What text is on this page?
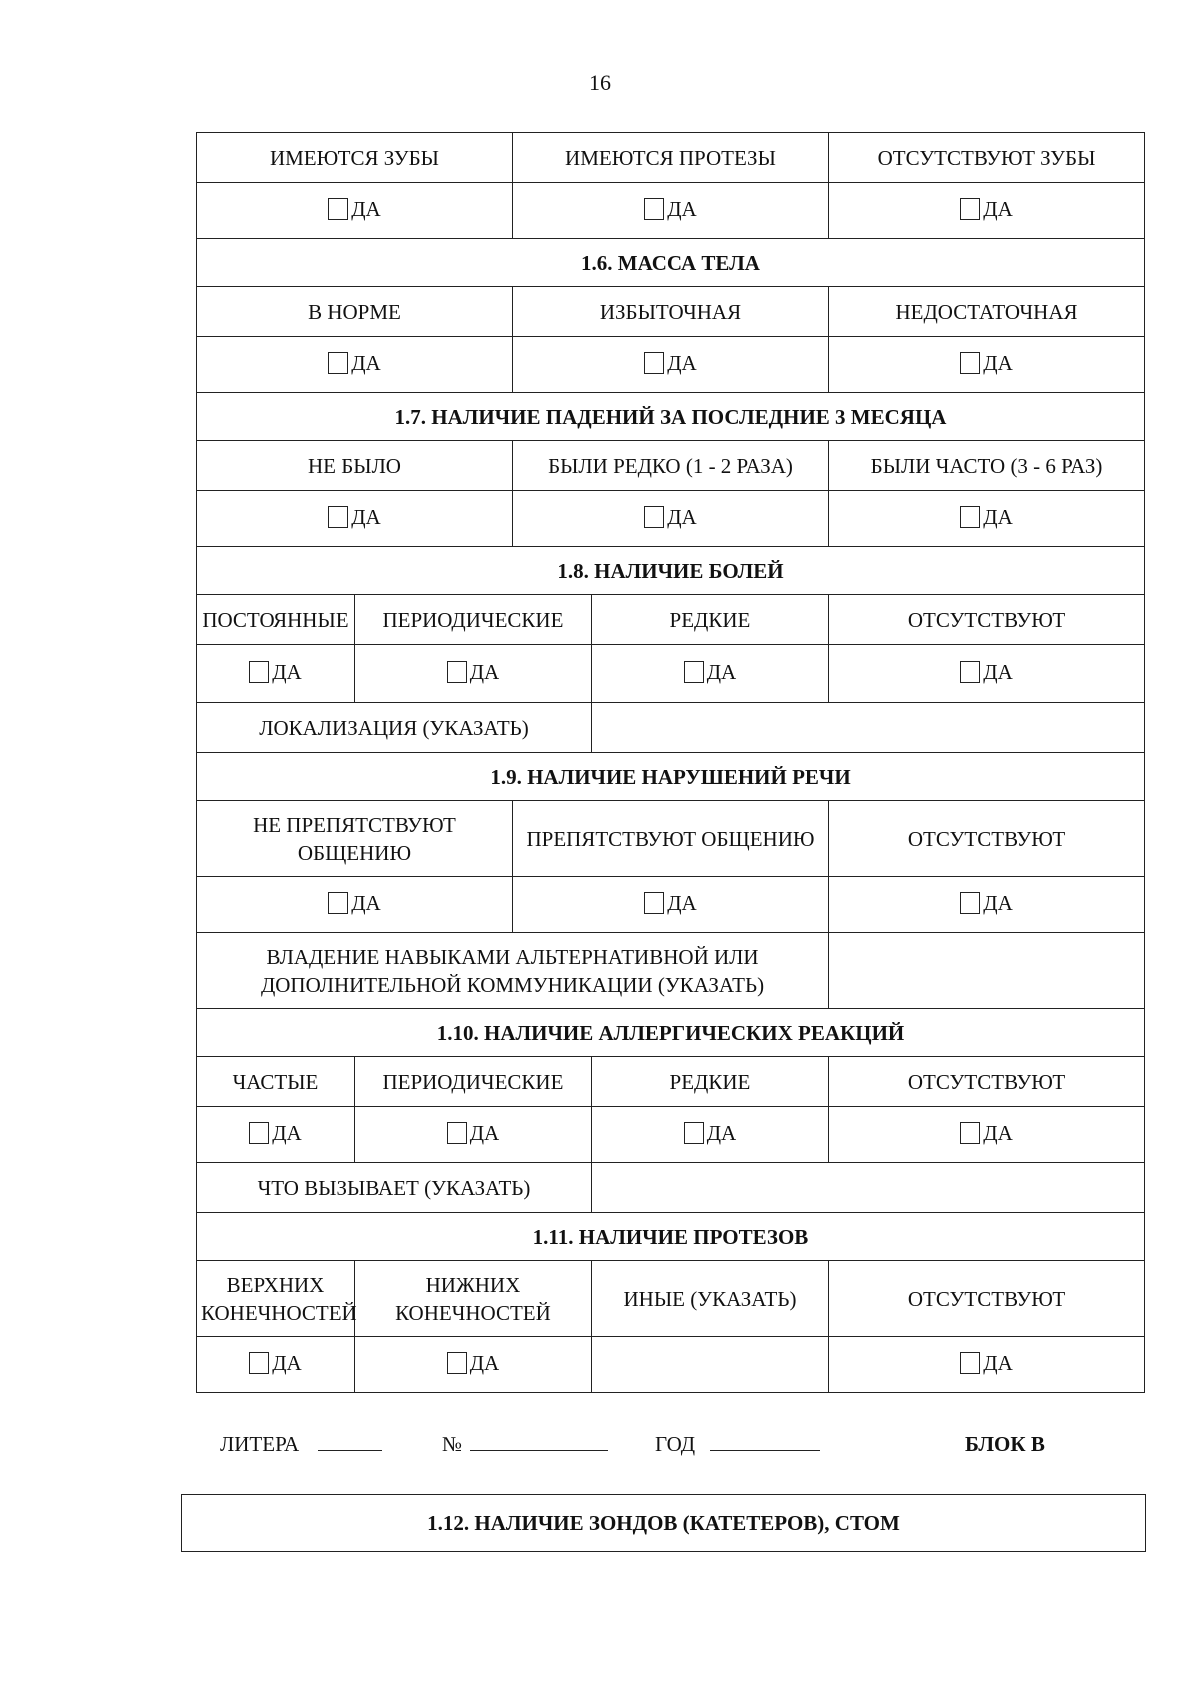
16
ИМЕЮТСЯ ЗУБЫ		ИМЕЮТСЯ ПРОТЕЗЫ		ОТСУТСТВУЮТ ЗУБЫ

ДА		ДА		ДА

1.6. МАССА ТЕЛА				
В НОРМЕ		ИЗБЫТОЧНАЯ		НЕДОСТАТОЧНАЯ

ДА		ДА		ДА

1.7. НАЛИЧИЕ ПАДЕНИЙ ЗА ПОСЛЕДНИЕ 3 МЕСЯЦА				
НЕ БЫЛО		БЫЛИ РЕДКО (1 - 2 РАЗА)		БЫЛИ ЧАСТО (3 - 6 РАЗ)

ДА		ДА		ДА

1.8. НАЛИЧИЕ БОЛЕЙ				
ПОСТОЯННЫЕ	ПЕРИОДИЧЕСКИЕ		РЕДКИЕ	ОТСУТСТВУЮТ

ДА	ДА		ДА	ДА

ЛОКАЛИЗАЦИЯ (УКАЗАТЬ)				
1.9. НАЛИЧИЕ НАРУШЕНИЙ РЕЧИ				
НЕ ПРЕПЯТСТВУЮТ ОБЩЕНИЮ		ПРЕПЯТСТВУЮТ ОБЩЕНИЮ		ОТСУТСТВУЮТ

ДА		ДА		ДА

ВЛАДЕНИЕ НАВЫКАМИ АЛЬТЕРНАТИВНОЙ ИЛИ ДОПОЛНИТЕЛЬНОЙ КОММУНИКАЦИИ (УКАЗАТЬ)				
1.10. НАЛИЧИЕ АЛЛЕРГИЧЕСКИХ РЕАКЦИЙ				
ЧАСТЫЕ	ПЕРИОДИЧЕСКИЕ		РЕДКИЕ	ОТСУТСТВУЮТ

ДА	ДА		ДА	ДА

ЧТО ВЫЗЫВАЕТ (УКАЗАТЬ)				
1.11. НАЛИЧИЕ ПРОТЕЗОВ				
ВЕРХНИХ КОНЕЧНОСТЕЙ	НИЖНИХ КОНЕЧНОСТЕЙ		ИНЫЕ (УКАЗАТЬ)	ОТСУТСТВУЮТ

ДА	ДА			ДА
ЛИТЕРА	№	ГОД	БЛОК В
1.12. НАЛИЧИЕ ЗОНДОВ (КАТЕТЕРОВ), СТОМ
